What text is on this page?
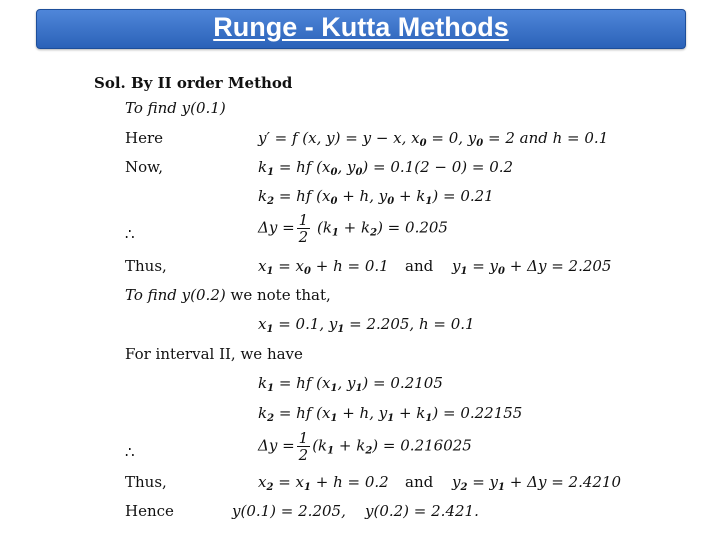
Runge - Kutta Methods
Sol. By II order Method
To find y(0.1)
Here	y′ = f (x, y) = y − x, $x_0 = 0$, $y_0 = 2$ and h = 0.1
Now,	$k_1$ = hf ($x_0$, $y_0) = 0.1(2 - 0) = 0.2$
$k_2$ = hf ($x_0 + h$, $y_0 + k_1) = 0.21$
∴	$\Delta y = \frac{1}{2} (k_1 + k_2) = 0.205$
Thus,	$x_1 = x_0 + h = 0.1$ and $y_1 = y_0 + \Delta y = 2.205$
To find y(0.2) we note that,
$x_1 = 0.1$, $y_1 = 2.205$, h = 0.1
For interval II, we have
$k_1$ = hf ($x_1$, $y_1) = 0.2105$
$k_2$ = hf ($x_1 + h$, $y_1 + k_1) = 0.22155$
∴	$\Delta y = \frac{1}{2} (k_1 + k_2) = 0.216025$
Thus,	$x_2 = x_1 + h = 0.2$ and $y_2 = y_1 + \Delta y = 2.4210$
Hence	y(0.1) = 2.205, y(0.2) = 2.421.
